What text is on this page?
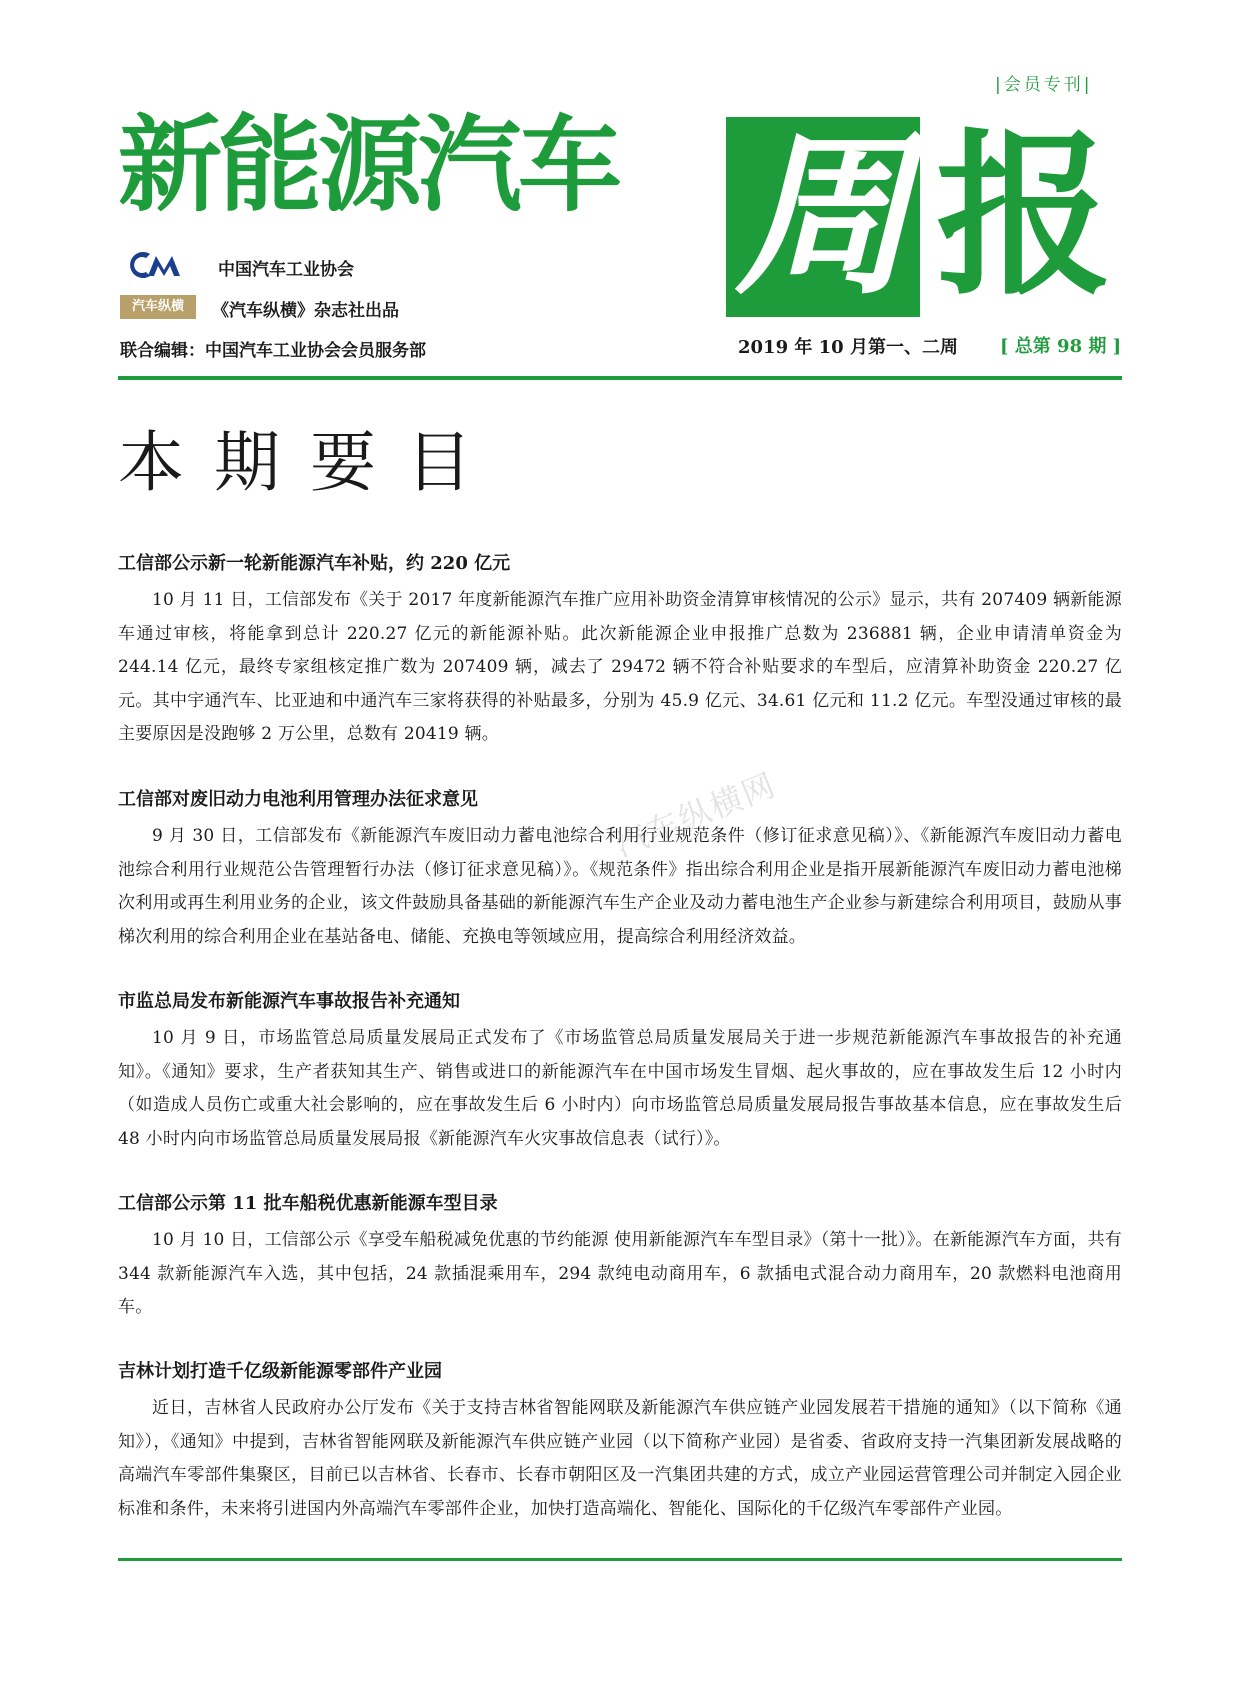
|会员专刊|
新能源汽车 周 报
中国汽车工业协会
汽车纵横	《汽车纵横》杂志社出品
联合编辑：中国汽车工业协会会员服务部	2019 年 10 月第一、二周 [ 总第 98 期 ]
本期要目
汽车纵横网
工信部公示新一轮新能源汽车补贴，约 220 亿元

10 月 11 日，工信部发布《关于 2017 年度新能源汽车推广应用补助资金清算审核情况的公示》显示，共有 207409 辆新能源车通过审核，将能拿到总计 220.27 亿元的新能源补贴。此次新能源企业申报推广总数为 236881 辆，企业申请清单资金为 244.14 亿元，最终专家组核定推广数为 207409 辆，减去了 29472 辆不符合补贴要求的车型后，应清算补助资金 220.27 亿元。其中宇通汽车、比亚迪和中通汽车三家将获得的补贴最多，分别为 45.9 亿元、34.61 亿元和 11.2 亿元。车型没通过审核的最主要原因是没跑够 2 万公里，总数有 20419 辆。

工信部对废旧动力电池利用管理办法征求意见

9 月 30 日，工信部发布《新能源汽车废旧动力蓄电池综合利用行业规范条件（修订征求意见稿）》、《新能源汽车废旧动力蓄电池综合利用行业规范公告管理暂行办法（修订征求意见稿）》。《规范条件》指出综合利用企业是指开展新能源汽车废旧动力蓄电池梯次利用或再生利用业务的企业，该文件鼓励具备基础的新能源汽车生产企业及动力蓄电池生产企业参与新建综合利用项目，鼓励从事梯次利用的综合利用企业在基站备电、储能、充换电等领域应用，提高综合利用经济效益。

市监总局发布新能源汽车事故报告补充通知

10 月 9 日，市场监管总局质量发展局正式发布了《市场监管总局质量发展局关于进一步规范新能源汽车事故报告的补充通知》。《通知》要求，生产者获知其生产、销售或进口的新能源汽车在中国市场发生冒烟、起火事故的，应在事故发生后 12 小时内（如造成人员伤亡或重大社会影响的，应在事故发生后 6 小时内）向市场监管总局质量发展局报告事故基本信息，应在事故发生后 48 小时内向市场监管总局质量发展局报《新能源汽车火灾事故信息表（试行）》。

工信部公示第 11 批车船税优惠新能源车型目录

10 月 10 日，工信部公示《享受车船税减免优惠的节约能源 使用新能源汽车车型目录》（第十一批）》。在新能源汽车方面，共有 344 款新能源汽车入选，其中包括，24 款插混乘用车，294 款纯电动商用车，6 款插电式混合动力商用车，20 款燃料电池商用车。

吉林计划打造千亿级新能源零部件产业园

近日，吉林省人民政府办公厅发布《关于支持吉林省智能网联及新能源汽车供应链产业园发展若干措施的通知》（以下简称《通知》），《通知》中提到，吉林省智能网联及新能源汽车供应链产业园（以下简称产业园）是省委、省政府支持一汽集团新发展战略的高端汽车零部件集聚区，目前已以吉林省、长春市、长春市朝阳区及一汽集团共建的方式，成立产业园运营管理公司并制定入园企业标准和条件，未来将引进国内外高端汽车零部件企业，加快打造高端化、智能化、国际化的千亿级汽车零部件产业园。
